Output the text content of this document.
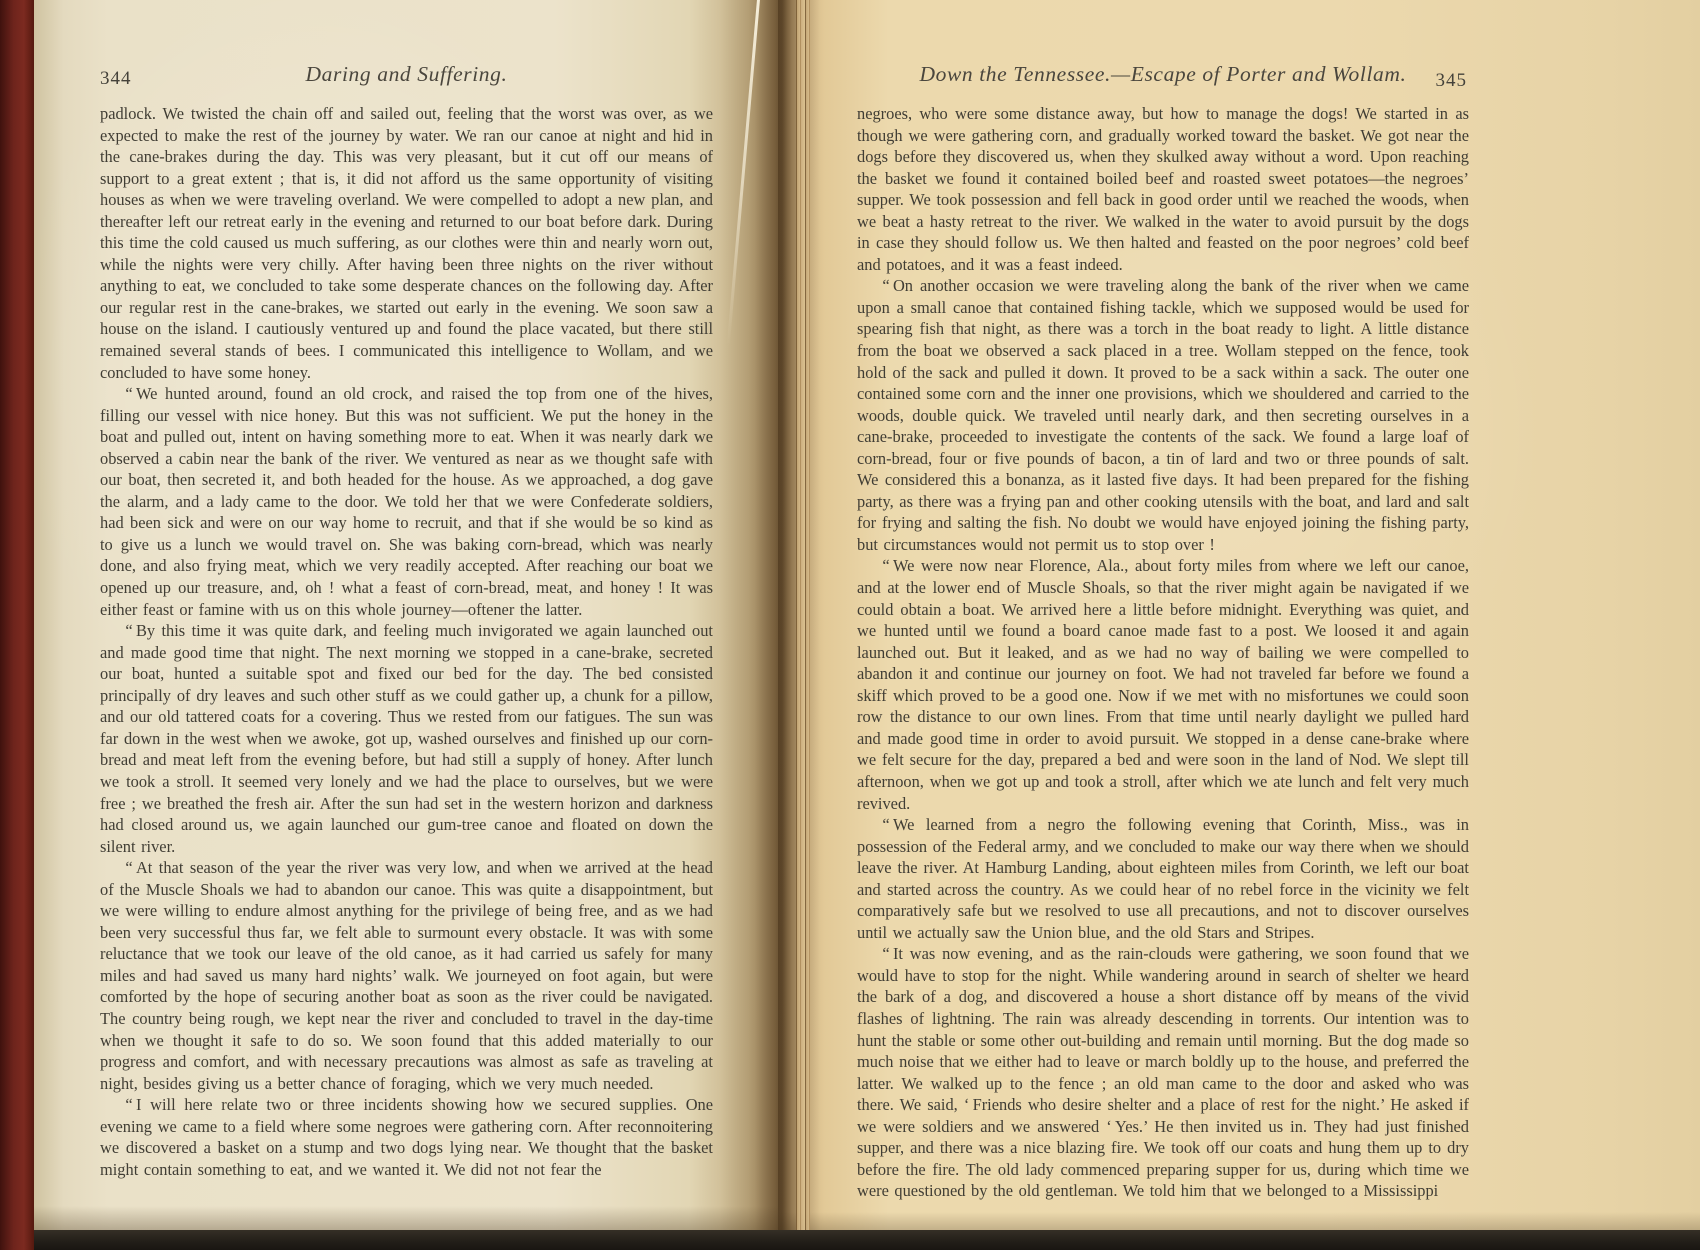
344	Daring and Suffering.	Down the Tennessee.—Escape of Porter and Wollam.	345

padlock. We twisted the chain off and sailed out, feeling that the worst was over, as we expected to make the rest of the journey by water. We ran our canoe at night and hid in the cane-brakes during the day. This was very pleasant, but it cut off our means of support to a great extent ; that is, it did not afford us the same opportunity of visiting houses as when we were traveling overland. We were compelled to adopt a new plan, and thereafter left our retreat early in the evening and returned to our boat before dark. During this time the cold caused us much suffering, as our clothes were thin and nearly worn out, while the nights were very chilly. After having been three nights on the river without anything to eat, we concluded to take some desperate chances on the following day. After our regular rest in the cane-brakes, we started out early in the evening. We soon saw a house on the island. I cautiously ventured up and found the place vacated, but there still remained several stands of bees. I communicated this intelligence to Wollam, and we concluded to have some honey.

“ We hunted around, found an old crock, and raised the top from one of the hives, filling our vessel with nice honey. But this was not sufficient. We put the honey in the boat and pulled out, intent on having something more to eat. When it was nearly dark we observed a cabin near the bank of the river. We ventured as near as we thought safe with our boat, then secreted it, and both headed for the house. As we approached, a dog gave the alarm, and a lady came to the door. We told her that we were Confederate soldiers, had been sick and were on our way home to recruit, and that if she would be so kind as to give us a lunch we would travel on. She was baking corn-bread, which was nearly done, and also frying meat, which we very readily accepted. After reaching our boat we opened up our treasure, and, oh ! what a feast of corn-bread, meat, and honey ! It was either feast or famine with us on this whole journey—oftener the latter.

“ By this time it was quite dark, and feeling much invigorated we again launched out and made good time that night. The next morning we stopped in a cane-brake, secreted our boat, hunted a suitable spot and fixed our bed for the day. The bed consisted principally of dry leaves and such other stuff as we could gather up, a chunk for a pillow, and our old tattered coats for a covering. Thus we rested from our fatigues. The sun was far down in the west when we awoke, got up, washed ourselves and finished up our corn-bread and meat left from the evening before, but had still a supply of honey. After lunch we took a stroll. It seemed very lonely and we had the place to ourselves, but we were free ; we breathed the fresh air. After the sun had set in the western horizon and darkness had closed around us, we again launched our gum-tree canoe and floated on down the silent river.

“ At that season of the year the river was very low, and when we arrived at the head of the Muscle Shoals we had to abandon our canoe. This was quite a disappointment, but we were willing to endure almost anything for the privilege of being free, and as we had been very successful thus far, we felt able to surmount every obstacle. It was with some reluctance that we took our leave of the old canoe, as it had carried us safely for many miles and had saved us many hard nights’ walk. We journeyed on foot again, but were comforted by the hope of securing another boat as soon as the river could be navigated. The country being rough, we kept near the river and concluded to travel in the day-time when we thought it safe to do so. We soon found that this added materially to our progress and comfort, and with necessary precautions was almost as safe as traveling at night, besides giving us a better chance of foraging, which we very much needed.

“ I will here relate two or three incidents showing how we secured supplies. One evening we came to a field where some negroes were gathering corn. After reconnoitering we discovered a basket on a stump and two dogs lying near. We thought that the basket might contain something to eat, and we wanted it. We did not not fear the

negroes, who were some distance away, but how to manage the dogs! We started in as though we were gathering corn, and gradually worked toward the basket. We got near the dogs before they discovered us, when they skulked away without a word. Upon reaching the basket we found it contained boiled beef and roasted sweet potatoes—the negroes’ supper. We took possession and fell back in good order until we reached the woods, when we beat a hasty retreat to the river. We walked in the water to avoid pursuit by the dogs in case they should follow us. We then halted and feasted on the poor negroes’ cold beef and potatoes, and it was a feast indeed.

“ On another occasion we were traveling along the bank of the river when we came upon a small canoe that contained fishing tackle, which we supposed would be used for spearing fish that night, as there was a torch in the boat ready to light. A little distance from the boat we observed a sack placed in a tree. Wollam stepped on the fence, took hold of the sack and pulled it down. It proved to be a sack within a sack. The outer one contained some corn and the inner one provisions, which we shouldered and carried to the woods, double quick. We traveled until nearly dark, and then secreting ourselves in a cane-brake, proceeded to investigate the contents of the sack. We found a large loaf of corn-bread, four or five pounds of bacon, a tin of lard and two or three pounds of salt. We considered this a bonanza, as it lasted five days. It had been prepared for the fishing party, as there was a frying pan and other cooking utensils with the boat, and lard and salt for frying and salting the fish. No doubt we would have enjoyed joining the fishing party, but circumstances would not permit us to stop over !

“ We were now near Florence, Ala., about forty miles from where we left our canoe, and at the lower end of Muscle Shoals, so that the river might again be navigated if we could obtain a boat. We arrived here a little before midnight. Everything was quiet, and we hunted until we found a board canoe made fast to a post. We loosed it and again launched out. But it leaked, and as we had no way of bailing we were compelled to abandon it and continue our journey on foot. We had not traveled far before we found a skiff which proved to be a good one. Now if we met with no misfortunes we could soon row the distance to our own lines. From that time until nearly daylight we pulled hard and made good time in order to avoid pursuit. We stopped in a dense cane-brake where we felt secure for the day, prepared a bed and were soon in the land of Nod. We slept till afternoon, when we got up and took a stroll, after which we ate lunch and felt very much revived.

“ We learned from a negro the following evening that Corinth, Miss., was in possession of the Federal army, and we concluded to make our way there when we should leave the river. At Hamburg Landing, about eighteen miles from Corinth, we left our boat and started across the country. As we could hear of no rebel force in the vicinity we felt comparatively safe but we resolved to use all precautions, and not to discover ourselves until we actually saw the Union blue, and the old Stars and Stripes.

“ It was now evening, and as the rain-clouds were gathering, we soon found that we would have to stop for the night. While wandering around in search of shelter we heard the bark of a dog, and discovered a house a short distance off by means of the vivid flashes of lightning. The rain was already descending in torrents. Our intention was to hunt the stable or some other out-building and remain until morning. But the dog made so much noise that we either had to leave or march boldly up to the house, and preferred the latter. We walked up to the fence ; an old man came to the door and asked who was there. We said, ‘ Friends who desire shelter and a place of rest for the night.’ He asked if we were soldiers and we answered ‘ Yes.’ He then invited us in. They had just finished supper, and there was a nice blazing fire. We took off our coats and hung them up to dry before the fire. The old lady commenced preparing supper for us, during which time we were questioned by the old gentleman. We told him that we belonged to a Mississippi
